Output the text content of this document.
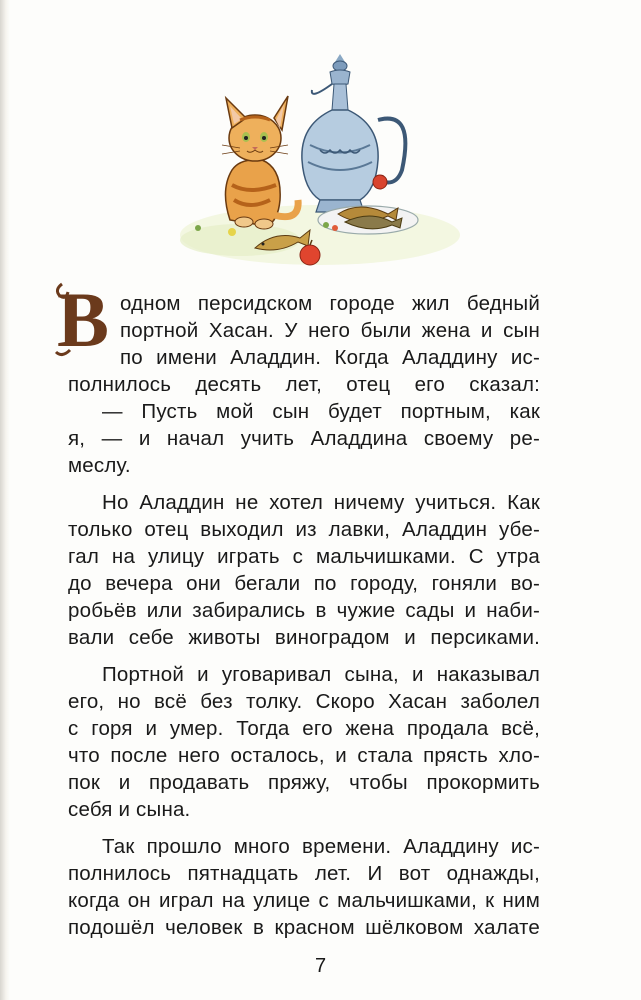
В одном персидском городе жил бедный
портной Хасан. У него были жена и сын
по имени Аладдин. Когда Аладдину ис-
полнилось десять лет, отец его сказал:
— Пусть мой сын будет портным, как
я, — и начал учить Аладдина своему ре-
меслу.
Но Аладдин не хотел ничему учиться. Как
только отец выходил из лавки, Аладдин убе-
гал на улицу играть с мальчишками. С утра
до вечера они бегали по городу, гоняли во-
робьёв или забирались в чужие сады и наби-
вали себе животы виноградом и персиками.
Портной и уговаривал сына, и наказывал
его, но всё без толку. Скоро Хасан заболел
с горя и умер. Тогда его жена продала всё,
что после него осталось, и стала прясть хло-
пок и продавать пряжу, чтобы прокормить
себя и сына.
Так прошло много времени. Аладдину ис-
полнилось пятнадцать лет. И вот однажды,
когда он играл на улице с мальчишками, к ним
подошёл человек в красном шёлковом халате
7
